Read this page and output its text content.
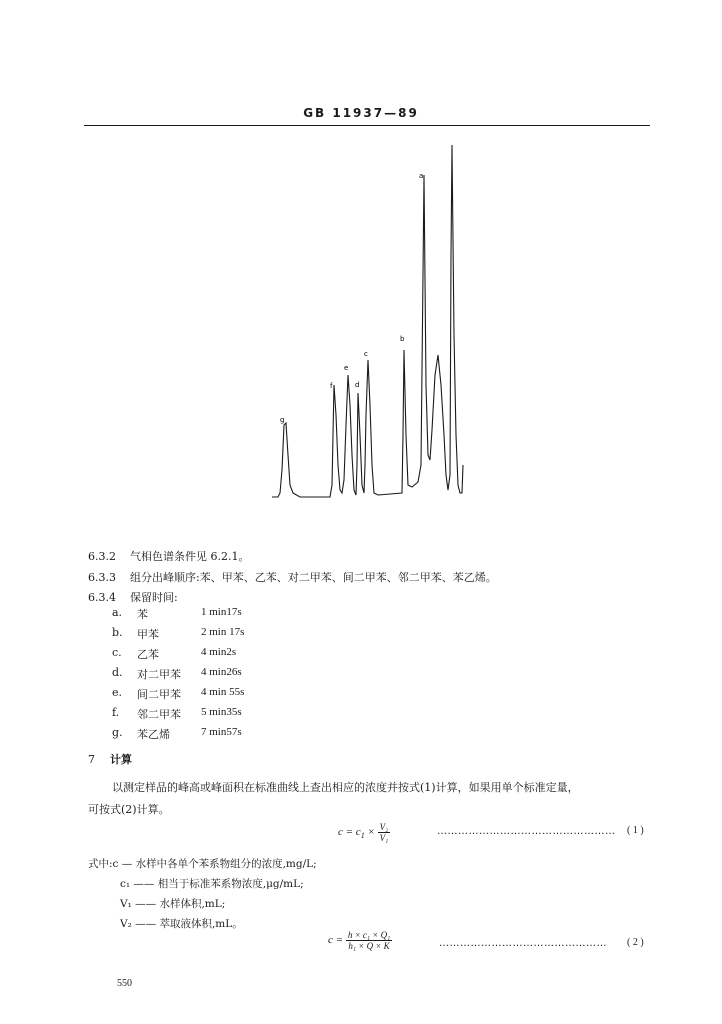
GB 11937—89
g
f
e
d
c
b
a
6.3.2 气相色谱条件见 6.2.1。
6.3.3 组分出峰顺序:苯、甲苯、乙苯、对二甲苯、间二甲苯、邻二甲苯、苯乙烯。
6.3.4 保留时间:
a. 苯	1 min17s
b. 甲苯	2 min 17s
c. 乙苯	4 min2s
d. 对二甲苯 4 min26s
e. 间二甲苯 4 min 55s
f. 邻二甲苯 5 min35s
g. 苯乙烯	7 min57s
7 计算
以测定样品的峰高或峰面积在标准曲线上查出相应的浓度并按式(1)计算，如果用单个标准定量，
可按式(2)计算。
$c = c_1 \times \frac{\text{V₂}}{\text{V₁}}$	…………………………………………… ( 1 )
式中:c — 水样中各单个苯系物组分的浓度,mg/L;
c₁ —— 相当于标准苯系物浓度,μg/mL;
V₁ —— 水样体积,mL;
V₂ —— 萃取液体积,mL。
$c = \frac{\text{h × c₁ × Q₁}}{\text{h₁ × Q × K}}$	………………………………………… ( 2 )
550
